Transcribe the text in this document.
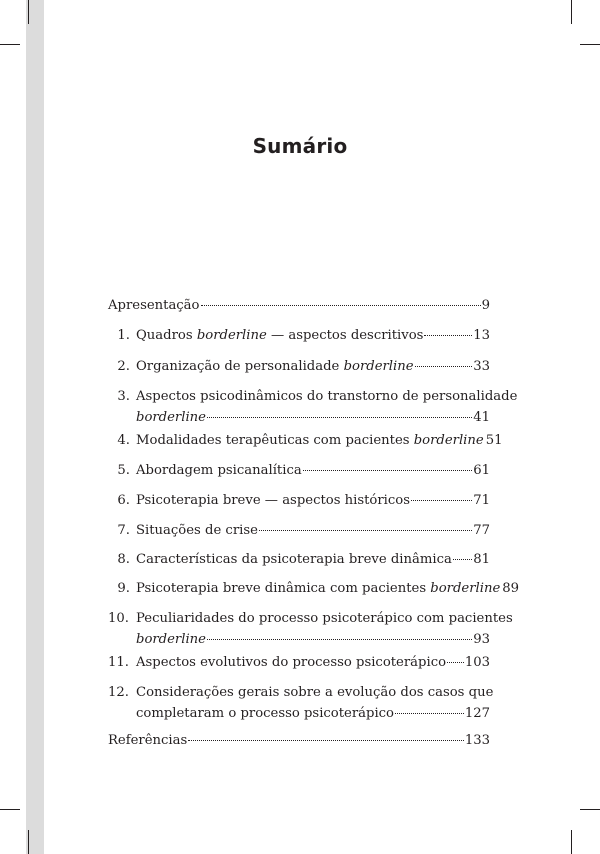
Sumário
Apresentação	9
1. Quadros borderline — aspectos descritivos	13
2. Organização de personalidade borderline	33
3. Aspectos psicodinâmicos do transtorno de personalidade
borderline	41
4. Modalidades terapêuticas com pacientes borderline 51
5. Abordagem psicanalítica	61
6. Psicoterapia breve — aspectos históricos	71
7. Situações de crise	77
8. Características da psicoterapia breve dinâmica 81
9. Psicoterapia breve dinâmica com pacientes borderline 89
10. Peculiaridades do processo psicoterápico com pacientes
borderline	93
11. Aspectos evolutivos do processo psicoterápico 103
12. Considerações gerais sobre a evolução dos casos que
completaram o processo psicoterápico	127
Referências	133
